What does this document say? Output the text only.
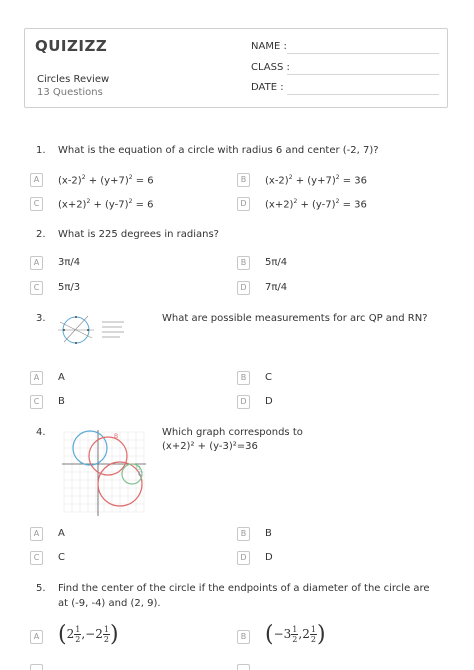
QUIZIZZ
Circles Review
13 Questions
NAME :
CLASS :
DATE :
1. What is the equation of a circle with radius 6 and center (-2, 7)?
A	$(x-2)^2 + (y+7)^2 = 6$	B	$(x-2)^2 + (y+7)^2 = 36$
C	$(x+2)^2 + (y-7)^2 = 6$	D	$(x+2)^2 + (y-7)^2 = 36$
2. What is 225 degrees in radians?
A	3π/4	B	5π/4
C	5π/3	D	7π/4
3.	What are possible measurements for arc QP and RN?
A	A	B	C
C	B	D	D
4.	B
D
C
Which graph corresponds to
(x+2)² + (y-3)²=36
A	A	B	B
C	C	D	D
5. Find the center of the circle if the endpoints of a diameter of the circle are at (-9, -4) and (2, 9).
A ($2 \frac{1}{2} ,-2 \frac{1}{2}$ )	B ($-3 \frac{1}{2} ,2 \frac{1}{2}$ )
